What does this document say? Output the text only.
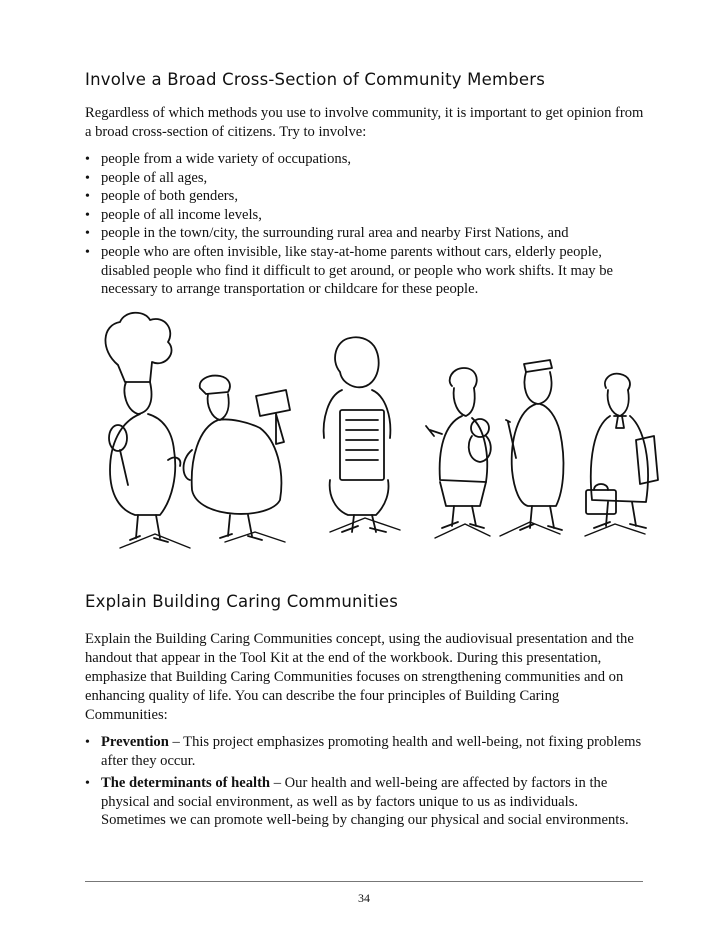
Involve a Broad Cross-Section of Community Members

Regardless of which methods you use to involve community, it is important to get opinion from a broad cross-section of citizens. Try to involve:

•
people from a wide variety of occupations,
•
people of all ages,
•
people of both genders,
•
people of all income levels,
•
people in the town/city, the surrounding rural area and nearby First Nations, and
•
people who are often invisible, like stay-at-home parents without cars, elderly people, disabled people who find it difficult to get around, or people who work shifts. It may be necessary to arrange transportation or childcare for these people.
Explain Building Caring Communities

Explain the Building Caring Communities concept, using the audiovisual presentation and the handout that appear in the Tool Kit at the end of the workbook. During this presentation, emphasize that Building Caring Communities focuses on strengthening communities and on enhancing quality of life. You can describe the four principles of Building Caring Communities:

•
Prevention – This project emphasizes promoting health and well-being, not fixing problems after they occur.
•
The determinants of health – Our health and well-being are affected by factors in the physical and social environment, as well as by factors unique to us as individuals. Sometimes we can promote well-being by changing our physical and social environments.
34
